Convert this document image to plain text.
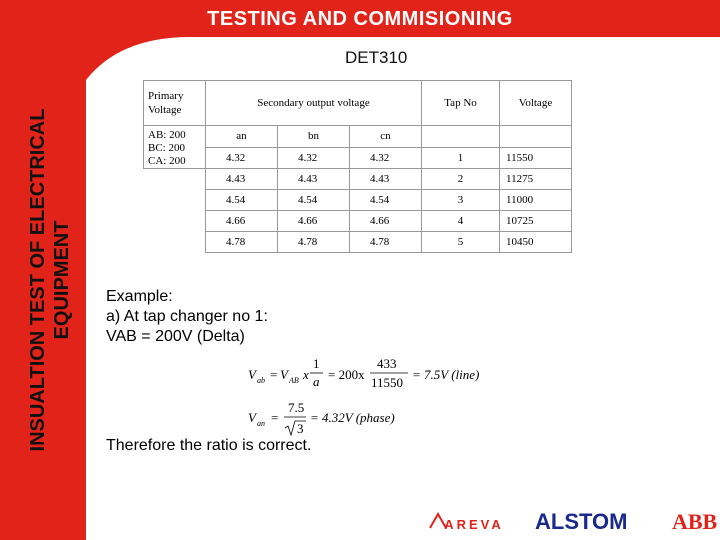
TESTING AND COMMISIONING
INSUALTION TEST OF ELECTRICAL EQUIPMENT
DET310
Primary
Voltage	Secondary output voltage			Tap No	Voltage
AB: 200
BC: 200
CA: 200	an	bn	cn		
	4.32	4.32	4.32	1	11550
	4.43	4.43	4.43	2	11275
	4.54	4.54	4.54	3	11000
	4.66	4.66	4.66	4	10725
	4.78	4.78	4.78	5	10450
Example:
a) At tap changer no 1:
VAB = 200V (Delta)
V ab = V AB x
1
a = 200x
433
11550
= 7.5V (line)
V an =
7.5
3
= 4.32V (phase)
Therefore the ratio is correct.
AREVA ALSTOM ABB
